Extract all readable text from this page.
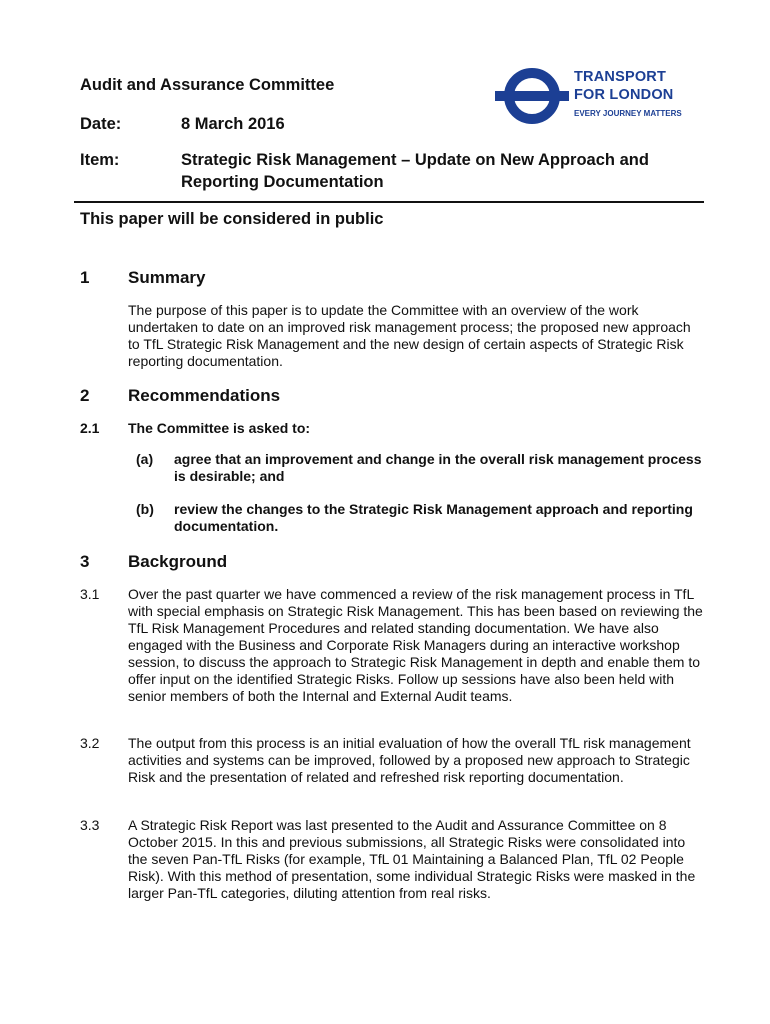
Audit and Assurance Committee
Date:	8 March 2016
Item:	Strategic Risk Management – Update on New Approach and Reporting Documentation
TRANSPORT
FOR LONDON
EVERY JOURNEY MATTERS
This paper will be considered in public
1 Summary

The purpose of this paper is to update the Committee with an overview of the work undertaken to date on an improved risk management process; the proposed new approach to TfL Strategic Risk Management and the new design of certain aspects of Strategic Risk reporting documentation.

2 Recommendations
2.1 The Committee is asked to:

(a) agree that an improvement and change in the overall risk management process is desirable; and

(b) review the changes to the Strategic Risk Management approach and reporting documentation.

3 Background
3.1 Over the past quarter we have commenced a review of the risk management process in TfL with special emphasis on Strategic Risk Management. This has been based on reviewing the TfL Risk Management Procedures and related standing documentation. We have also engaged with the Business and Corporate Risk Managers during an interactive workshop session, to discuss the approach to Strategic Risk Management in depth and enable them to offer input on the identified Strategic Risks. Follow up sessions have also been held with senior members of both the Internal and External Audit teams.

3.2 The output from this process is an initial evaluation of how the overall TfL risk management activities and systems can be improved, followed by a proposed new approach to Strategic Risk and the presentation of related and refreshed risk reporting documentation.

3.3 A Strategic Risk Report was last presented to the Audit and Assurance Committee on 8 October 2015. In this and previous submissions, all Strategic Risks were consolidated into the seven Pan-TfL Risks (for example, TfL 01 Maintaining a Balanced Plan, TfL 02 People Risk). With this method of presentation, some individual Strategic Risks were masked in the larger Pan-TfL categories, diluting attention from real risks.
